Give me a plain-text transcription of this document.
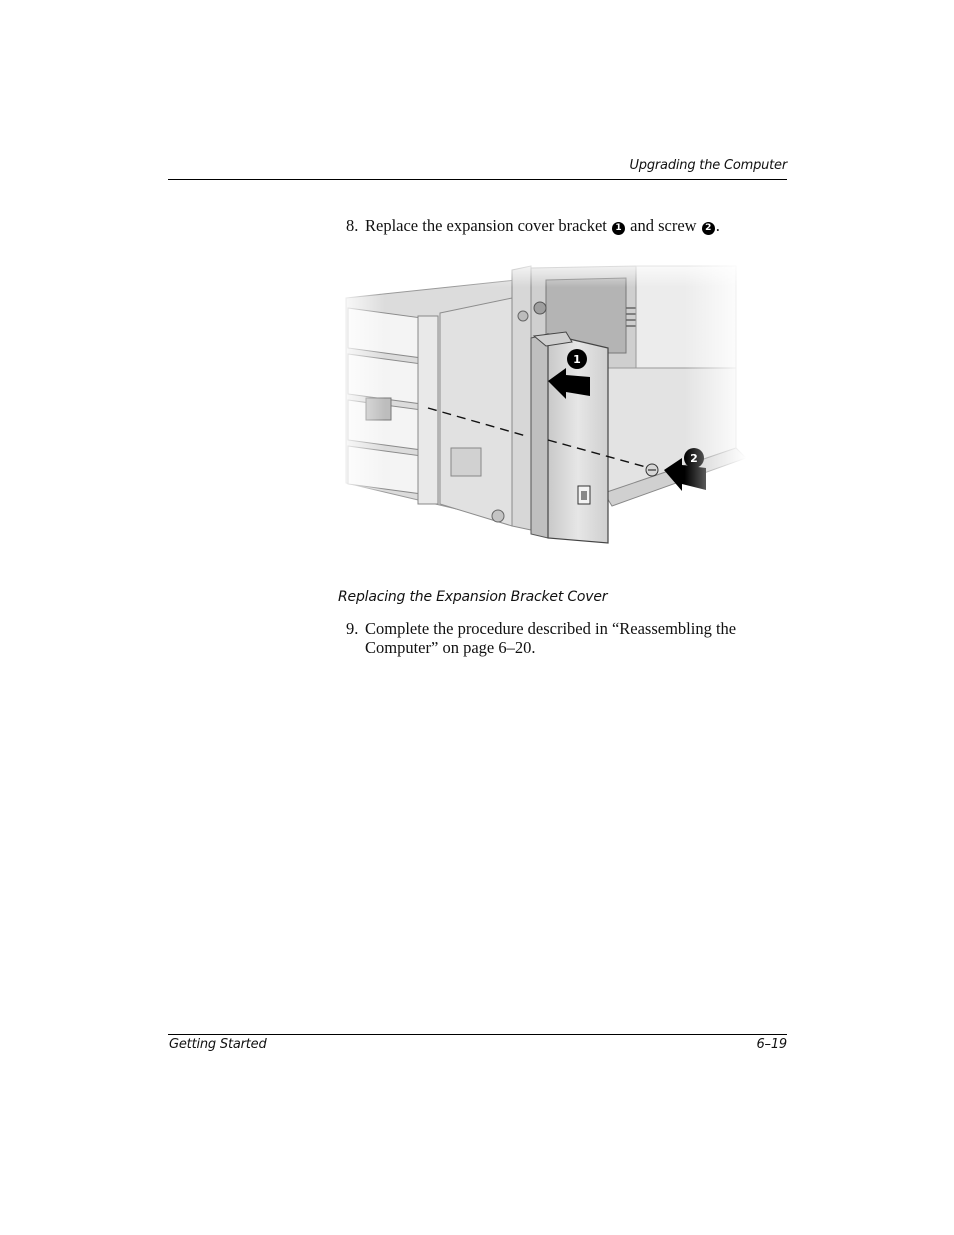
Upgrading the Computer
8. Replace the expansion cover bracket 1 and screw 2 .
Replacing the Expansion Bracket Cover
9. Complete the procedure described in “Reassembling the Computer” on page 6–20.
Getting Started	6–19
